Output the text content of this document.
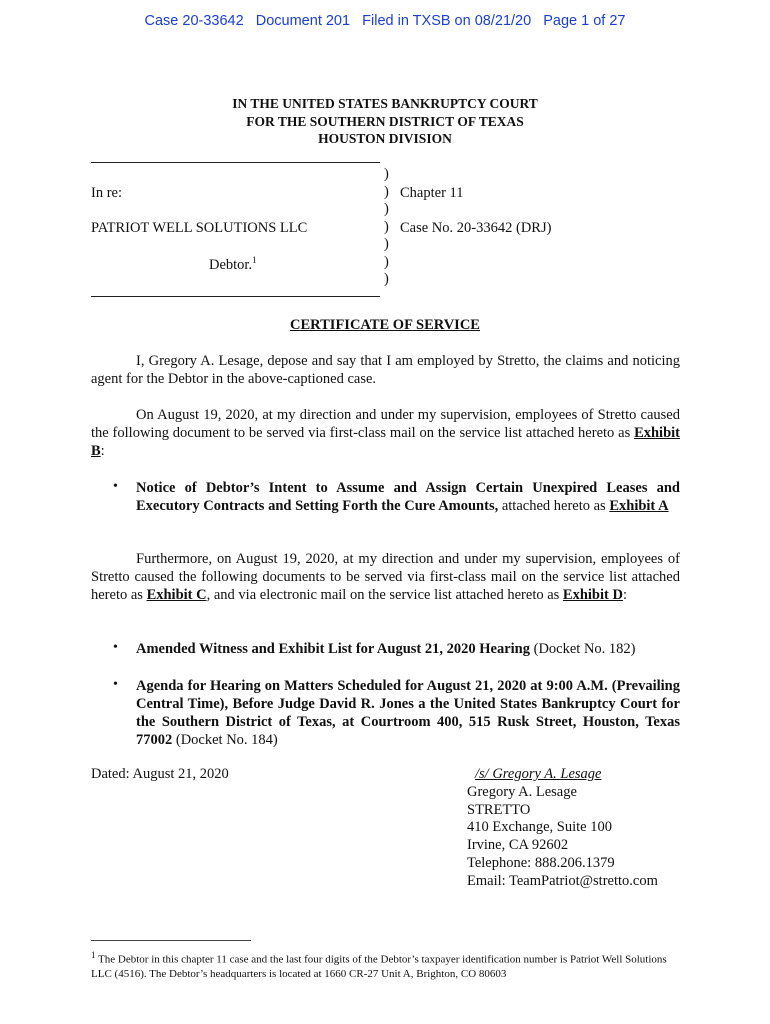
Case 20-33642   Document 201   Filed in TXSB on 08/21/20   Page 1 of 27
IN THE UNITED STATES BANKRUPTCY COURT
FOR THE SOUTHERN DISTRICT OF TEXAS
HOUSTON DIVISION
In re:
PATRIOT WELL SOLUTIONS LLC
Debtor.$^1$
)
)
)
)
)
)
)
Chapter 11
Case No. 20-33642 (DRJ)
CERTIFICATE OF SERVICE
I, Gregory A. Lesage, depose and say that I am employed by Stretto, the claims and noticing agent for the Debtor in the above-captioned case.
On August 19, 2020, at my direction and under my supervision, employees of Stretto caused the following document to be served via first-class mail on the service list attached hereto as Exhibit B:
• Notice of Debtor’s Intent to Assume and Assign Certain Unexpired Leases and Executory Contracts and Setting Forth the Cure Amounts, attached hereto as Exhibit A
Furthermore, on August 19, 2020, at my direction and under my supervision, employees of Stretto caused the following documents to be served via first-class mail on the service list attached hereto as Exhibit C, and via electronic mail on the service list attached hereto as Exhibit D:
• Amended Witness and Exhibit List for August 21, 2020 Hearing (Docket No. 182)
• Agenda for Hearing on Matters Scheduled for August 21, 2020 at 9:00 A.M. (Prevailing Central Time), Before Judge David R. Jones a the United States Bankruptcy Court for the Southern District of Texas, at Courtroom 400, 515 Rusk Street, Houston, Texas 77002 (Docket No. 184)
Dated: August 21, 2020	/s/ Gregory A. Lesage
Gregory A. Lesage
STRETTO
410 Exchange, Suite 100
Irvine, CA 92602
Telephone: 888.206.1379
Email: TeamPatriot@stretto.com
$^1$ The Debtor in this chapter 11 case and the last four digits of the Debtor’s taxpayer identification number is Patriot Well Solutions LLC (4516). The Debtor’s headquarters is located at 1660 CR-27 Unit A, Brighton, CO 80603
